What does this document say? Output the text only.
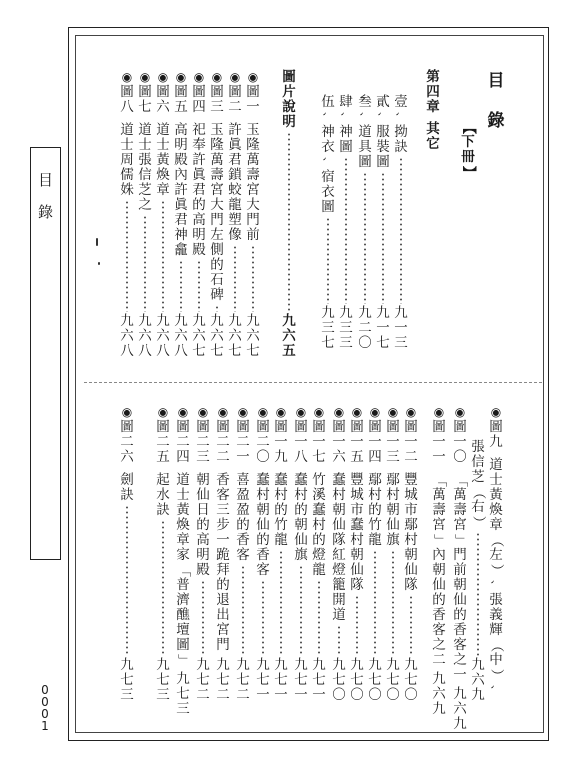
目
錄
0
0
0
1
目
錄
【
下
冊
】
第
四
章
其
它
壹
、
拗
訣
九
一
三
貳
、
服
裝
圖
九
一
七
叁
、
道
具
圖
九
二
〇
肆
、
神
圖
九
三
三
伍
、
神
衣
、
宿
衣
圖
九
三
七
圖
片
說
明
九
六
五
◉
圖
一
玉
隆
萬
壽
宮
大
門
前
九
六
七
◉
圖
二
許
眞
君
鎖
蛟
龍
塑
像
九
六
七
◉
圖
三
玉
隆
萬
壽
宮
大
門
左
側
的
石
碑
九
六
七
◉
圖
四
祀
奉
許
眞
君
的
高
明
殿
九
六
七
◉
圖
五
高
明
殿
內
許
眞
君
神
龕
九
六
八
◉
圖
六
道
士
黃
煥
章
九
六
八
◉
圖
七
道
士
張
信
芝
之
九
六
八
◉
圖
八
道
士
周
儒
姝
九
六
八
◉
圖
九
道
士
黃
煥
章
（
左
）
、
張
義
輝
（
中
）
、
張
信
芝
（
右
）
九
六
九
◉
圖
一
〇
「
萬
壽
宮
」
門
前
朝
仙
的
香
客
之
一
九
六
九
◉
圖
一
一
「
萬
壽
宮
」
內
朝
仙
的
香
客
之
二
九
六
九
◉
圖
一
二
豐
城
市
鄢
村
朝
仙
隊
九
七
〇
◉
圖
一
三
鄢
村
朝
仙
旗
九
七
〇
◉
圖
一
四
鄢
村
的
竹
龍
九
七
〇
◉
圖
一
五
豐
城
市
蠢
村
朝
仙
隊
九
七
〇
◉
圖
一
六
蠢
村
朝
仙
隊
紅
燈
籠
開
道
九
七
〇
◉
圖
一
七
竹
溪
蠢
村
的
燈
龍
九
七
一
◉
圖
一
八
蠢
村
的
朝
仙
旗
九
七
一
◉
圖
一
九
蠢
村
的
竹
龍
九
七
一
◉
圖
二
〇
蠢
村
朝
仙
的
香
客
九
七
一
◉
圖
二
一
喜
盈
盈
的
香
客
九
七
二
◉
圖
二
二
香
客
三
步
一
跪
拜
的
退
出
宮
門
九
七
二
◉
圖
二
三
朝
仙
日
的
高
明
殿
九
七
二
◉
圖
二
四
道
士
黃
煥
章
家
「
普
濟
醮
壇
圖
」
九
七
三
◉
圖
二
五
起
水
訣
九
七
三
◉
圖
二
六
劍
訣
九
七
三
